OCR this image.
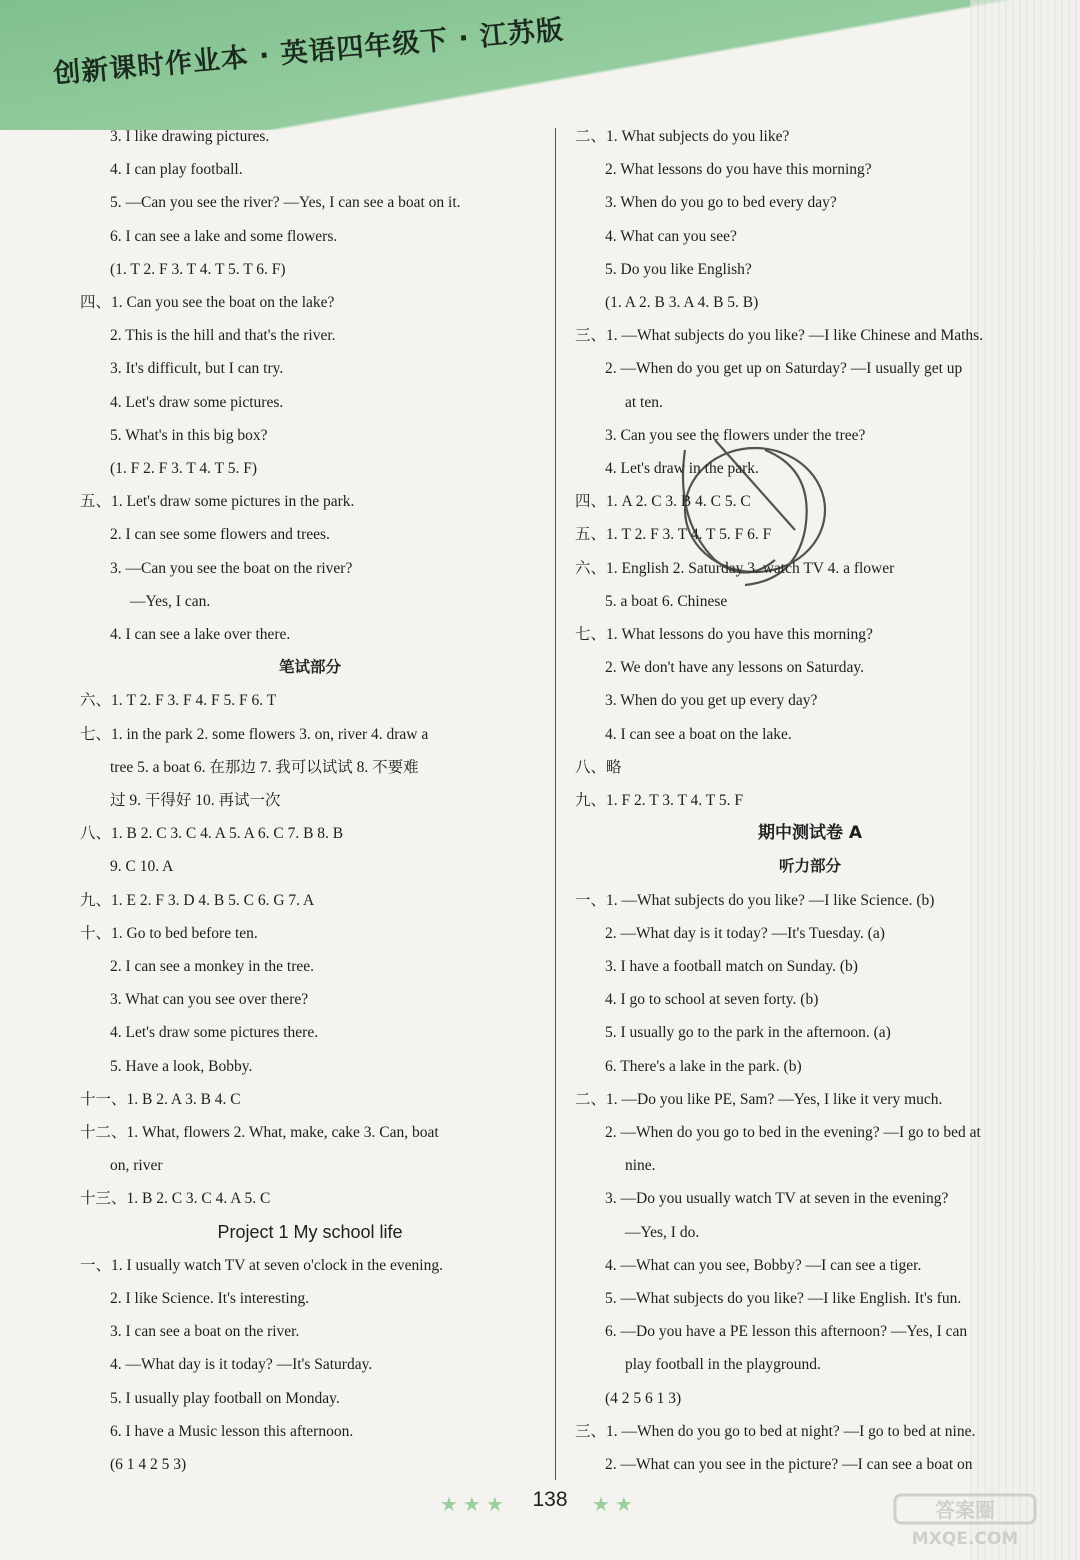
创新课时作业本 · 英语四年级下 · 江苏版
3. I like drawing pictures.
4. I can play football.
5. —Can you see the river? —Yes, I can see a boat on it.
6. I can see a lake and some flowers.
(1. T 2. F 3. T 4. T 5. T 6. F)
四、1. Can you see the boat on the lake?
2. This is the hill and that's the river.
3. It's difficult, but I can try.
4. Let's draw some pictures.
5. What's in this big box?
(1. F 2. F 3. T 4. T 5. F)
五、1. Let's draw some pictures in the park.
2. I can see some flowers and trees.
3. —Can you see the boat on the river?
—Yes, I can.
4. I can see a lake over there.
笔试部分
六、1. T 2. F 3. F 4. F 5. F 6. T
七、1. in the park 2. some flowers 3. on, river 4. draw a
tree 5. a boat 6. 在那边 7. 我可以试试 8. 不要难
过 9. 干得好 10. 再试一次
八、1. B 2. C 3. C 4. A 5. A 6. C 7. B 8. B
9. C 10. A
九、1. E 2. F 3. D 4. B 5. C 6. G 7. A
十、1. Go to bed before ten.
2. I can see a monkey in the tree.
3. What can you see over there?
4. Let's draw some pictures there.
5. Have a look, Bobby.
十一、1. B 2. A 3. B 4. C
十二、1. What, flowers 2. What, make, cake 3. Can, boat
on, river
十三、1. B 2. C 3. C 4. A 5. C
Project 1 My school life
一、1. I usually watch TV at seven o'clock in the evening.
2. I like Science. It's interesting.
3. I can see a boat on the river.
4. —What day is it today? —It's Saturday.
5. I usually play football on Monday.
6. I have a Music lesson this afternoon.
(6 1 4 2 5 3)
二、1. What subjects do you like?
2. What lessons do you have this morning?
3. When do you go to bed every day?
4. What can you see?
5. Do you like English?
(1. A 2. B 3. A 4. B 5. B)
三、1. —What subjects do you like? —I like Chinese and Maths.
2. —When do you get up on Saturday? —I usually get up
at ten.
3. Can you see the flowers under the tree?
4. Let's draw in the park.
四、1. A 2. C 3. B 4. C 5. C
五、1. T 2. F 3. T 4. T 5. F 6. F
六、1. English 2. Saturday 3. watch TV 4. a flower
5. a boat 6. Chinese
七、1. What lessons do you have this morning?
2. We don't have any lessons on Saturday.
3. When do you get up every day?
4. I can see a boat on the lake.
八、略
九、1. F 2. T 3. T 4. T 5. F
期中测试卷 A
听力部分
一、1. —What subjects do you like? —I like Science. (b)
2. —What day is it today? —It's Tuesday. (a)
3. I have a football match on Sunday. (b)
4. I go to school at seven forty. (b)
5. I usually go to the park in the afternoon. (a)
6. There's a lake in the park. (b)
二、1. —Do you like PE, Sam? —Yes, I like it very much.
2. —When do you go to bed in the evening? —I go to bed at
nine.
3. —Do you usually watch TV at seven in the evening?
—Yes, I do.
4. —What can you see, Bobby? —I can see a tiger.
5. —What subjects do you like? —I like English. It's fun.
6. —Do you have a PE lesson this afternoon? —Yes, I can
play football in the playground.
(4 2 5 6 1 3)
三、1. —When do you go to bed at night? —I go to bed at nine.
2. —What can you see in the picture? —I can see a boat on
★ ★ ★	138	★ ★	答案圈
MXQE.COM
